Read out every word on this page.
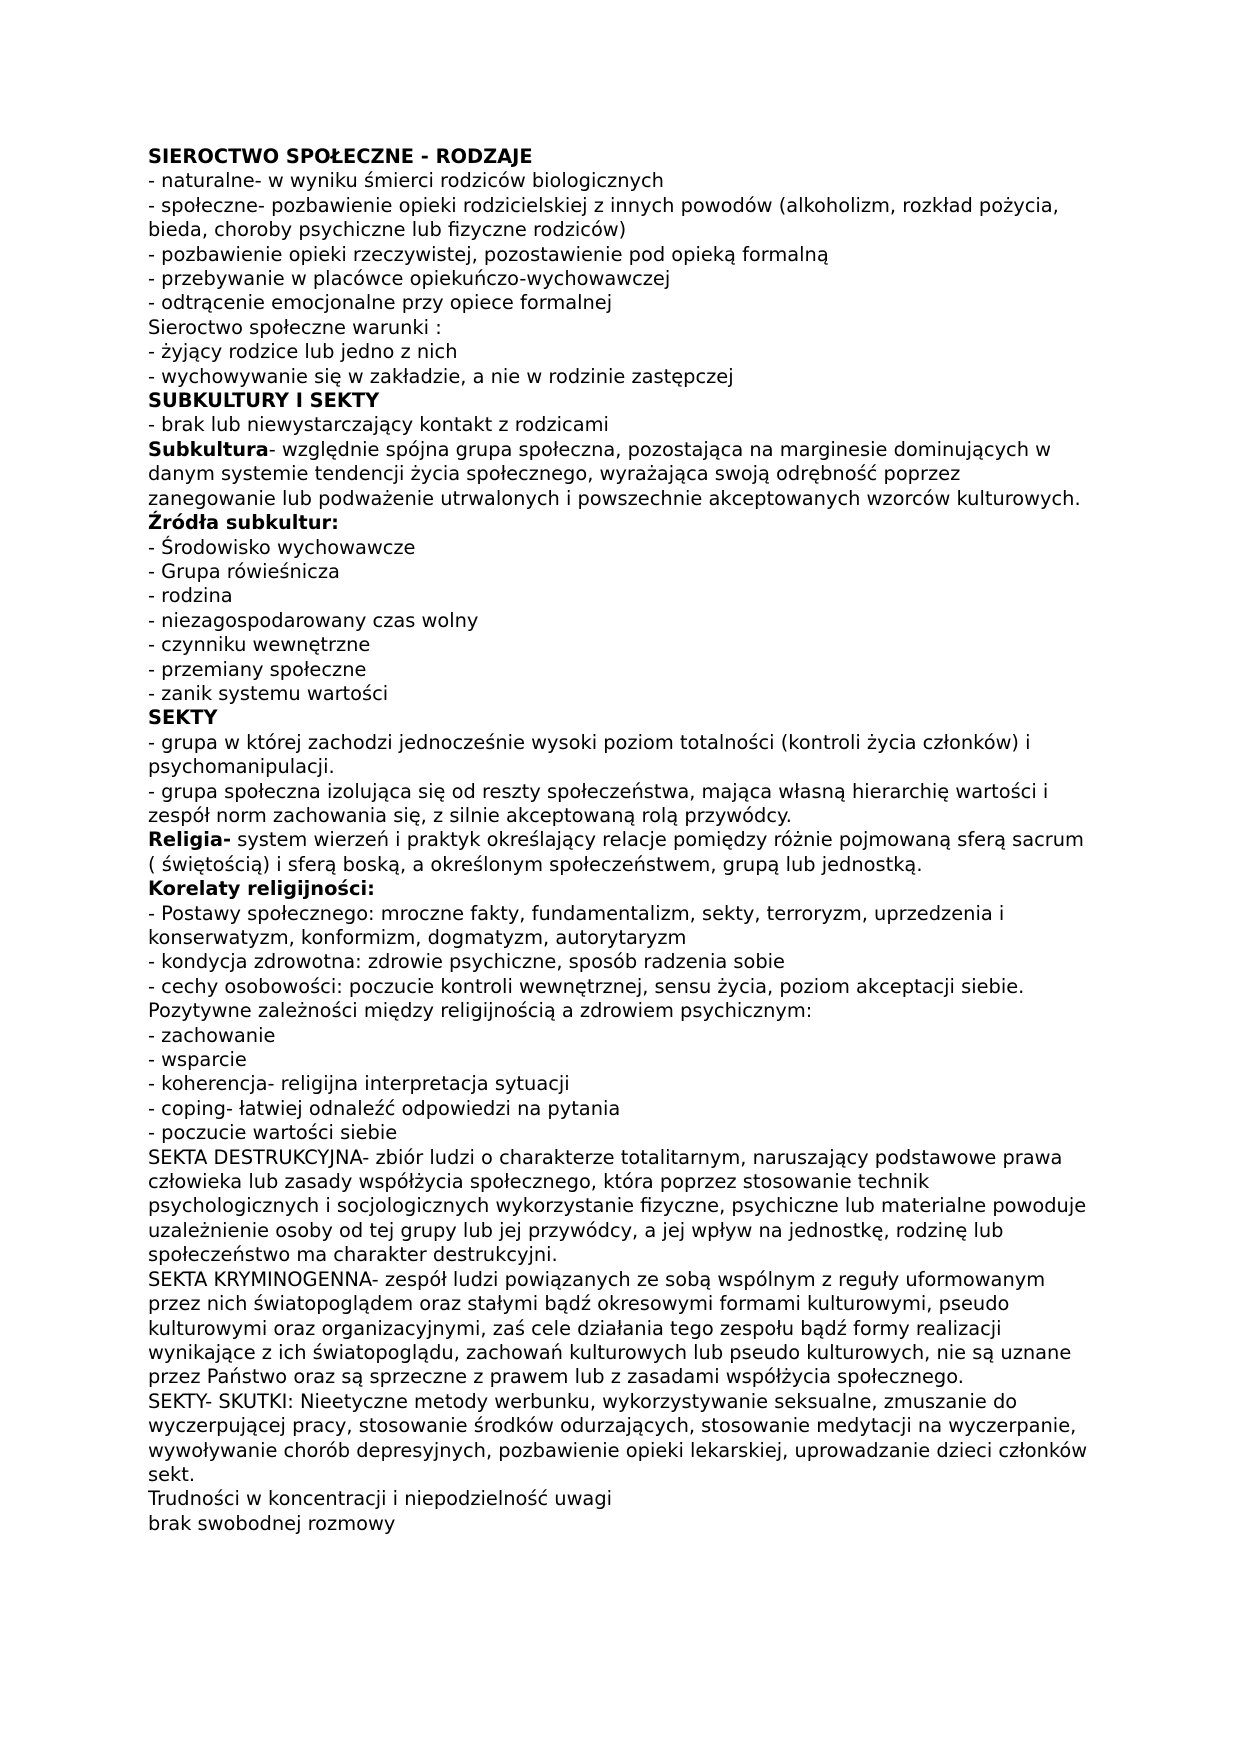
SIEROCTWO SPOŁECZNE - RODZAJE

- naturalne- w wyniku śmierci rodziców biologicznych

- społeczne- pozbawienie opieki rodzicielskiej z innych powodów (alkoholizm, rozkład pożycia, bieda, choroby psychiczne lub fizyczne rodziców)

- pozbawienie opieki rzeczywistej, pozostawienie pod opieką formalną

- przebywanie w placówce opiekuńczo-wychowawczej

- odtrącenie emocjonalne przy opiece formalnej

Sieroctwo społeczne warunki :

- żyjący rodzice lub jedno z nich

- wychowywanie się w zakładzie, a nie w rodzinie zastępczej

SUBKULTURY I SEKTY

- brak lub niewystarczający kontakt z rodzicami

Subkultura- względnie spójna grupa społeczna, pozostająca na marginesie dominujących w danym systemie tendencji życia społecznego, wyrażająca swoją odrębność poprzez zanegowanie lub podważenie utrwalonych i powszechnie akceptowanych wzorców kulturowych.

Źródła subkultur:

- Środowisko wychowawcze

- Grupa rówieśnicza

- rodzina

- niezagospodarowany czas wolny

- czynniku wewnętrzne

- przemiany społeczne

- zanik systemu wartości

SEKTY

- grupa w której zachodzi jednocześnie wysoki poziom totalności (kontroli życia członków) i psychomanipulacji.

- grupa społeczna izolująca się od reszty społeczeństwa, mająca własną hierarchię wartości i zespół norm zachowania się, z silnie akceptowaną rolą przywódcy.

Religia- system wierzeń i praktyk określający relacje pomiędzy różnie pojmowaną sferą sacrum ( świętością) i sferą boską, a określonym społeczeństwem, grupą lub jednostką.

Korelaty religijności:

- Postawy społecznego: mroczne fakty, fundamentalizm, sekty, terroryzm, uprzedzenia i konserwatyzm, konformizm, dogmatyzm, autorytaryzm

- kondycja zdrowotna: zdrowie psychiczne, sposób radzenia sobie

- cechy osobowości: poczucie kontroli wewnętrznej, sensu życia, poziom akceptacji siebie.

Pozytywne zależności między religijnością a zdrowiem psychicznym:

- zachowanie

- wsparcie

- koherencja- religijna interpretacja sytuacji

- coping- łatwiej odnaleźć odpowiedzi na pytania

- poczucie wartości siebie

SEKTA DESTRUKCYJNA- zbiór ludzi o charakterze totalitarnym, naruszający podstawowe prawa człowieka lub zasady współżycia społecznego, która poprzez stosowanie technik psychologicznych i socjologicznych wykorzystanie fizyczne, psychiczne lub materialne powoduje uzależnienie osoby od tej grupy lub jej przywódcy, a jej wpływ na jednostkę, rodzinę lub społeczeństwo ma charakter destrukcyjni.

SEKTA KRYMINOGENNA- zespół ludzi powiązanych ze sobą wspólnym z reguły uformowanym przez nich światopoglądem oraz stałymi bądź okresowymi formami kulturowymi, pseudo kulturowymi oraz organizacyjnymi, zaś cele działania tego zespołu bądź formy realizacji wynikające z ich światopoglądu, zachowań kulturowych lub pseudo kulturowych, nie są uznane przez Państwo oraz są sprzeczne z prawem lub z zasadami współżycia społecznego.

SEKTY- SKUTKI: Nieetyczne metody werbunku, wykorzystywanie seksualne, zmuszanie do wyczerpującej pracy, stosowanie środków odurzających, stosowanie medytacji na wyczerpanie, wywoływanie chorób depresyjnych, pozbawienie opieki lekarskiej, uprowadzanie dzieci członków sekt.

Trudności w koncentracji i niepodzielność uwagi

brak swobodnej rozmowy
